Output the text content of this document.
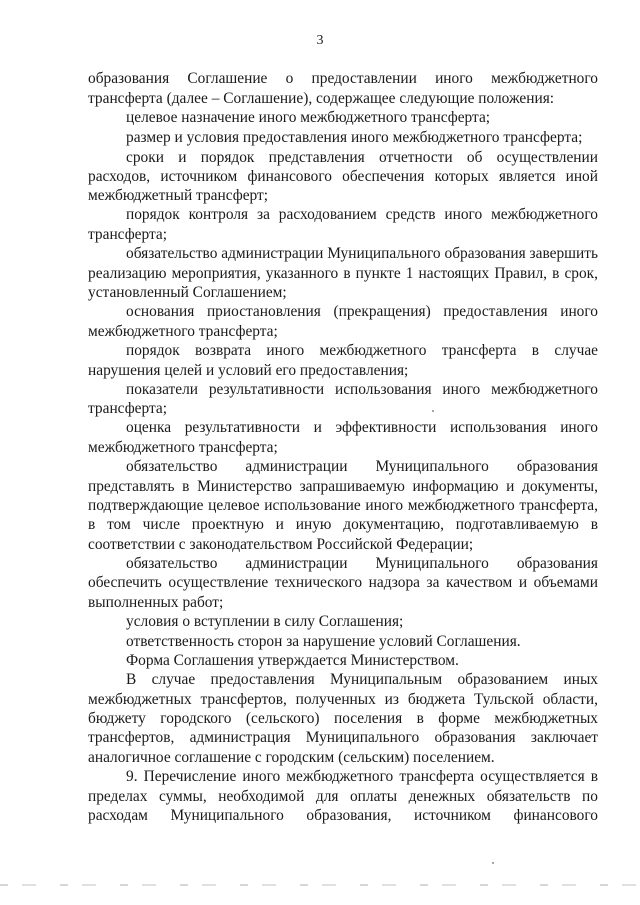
3
образования Соглашение о предоставлении иного межбюджетного
трансферта (далее – Соглашение), содержащее следующие положения:
целевое назначение иного межбюджетного трансферта;
размер и условия предоставления иного межбюджетного трансферта;
сроки и порядок представления отчетности об осуществлении
расходов, источником финансового обеспечения которых является иной
межбюджетный трансферт;
порядок контроля за расходованием средств иного межбюджетного
трансферта;
обязательство администрации Муниципального образования завершить
реализацию мероприятия, указанного в пункте 1 настоящих Правил, в срок,
установленный Соглашением;
основания приостановления (прекращения) предоставления иного
межбюджетного трансферта;
порядок возврата иного межбюджетного трансферта в случае
нарушения целей и условий его предоставления;
показатели результативности использования иного межбюджетного
трансферта;
оценка результативности и эффективности использования иного
межбюджетного трансферта;
обязательство администрации Муниципального образования
представлять в Министерство запрашиваемую информацию и документы,
подтверждающие целевое использование иного межбюджетного трансферта,
в том числе проектную и иную документацию, подготавливаемую в
соответствии с законодательством Российской Федерации;
обязательство администрации Муниципального образования
обеспечить осуществление технического надзора за качеством и объемами
выполненных работ;
условия о вступлении в силу Соглашения;
ответственность сторон за нарушение условий Соглашения.
Форма Соглашения утверждается Министерством.
В случае предоставления Муниципальным образованием иных
межбюджетных трансфертов, полученных из бюджета Тульской области,
бюджету городского (сельского) поселения в форме межбюджетных
трансфертов, администрация Муниципального образования заключает
аналогичное соглашение с городским (сельским) поселением.
9. Перечисление иного межбюджетного трансферта осуществляется в
пределах суммы, необходимой для оплаты денежных обязательств по
расходам Муниципального образования, источником финансового
